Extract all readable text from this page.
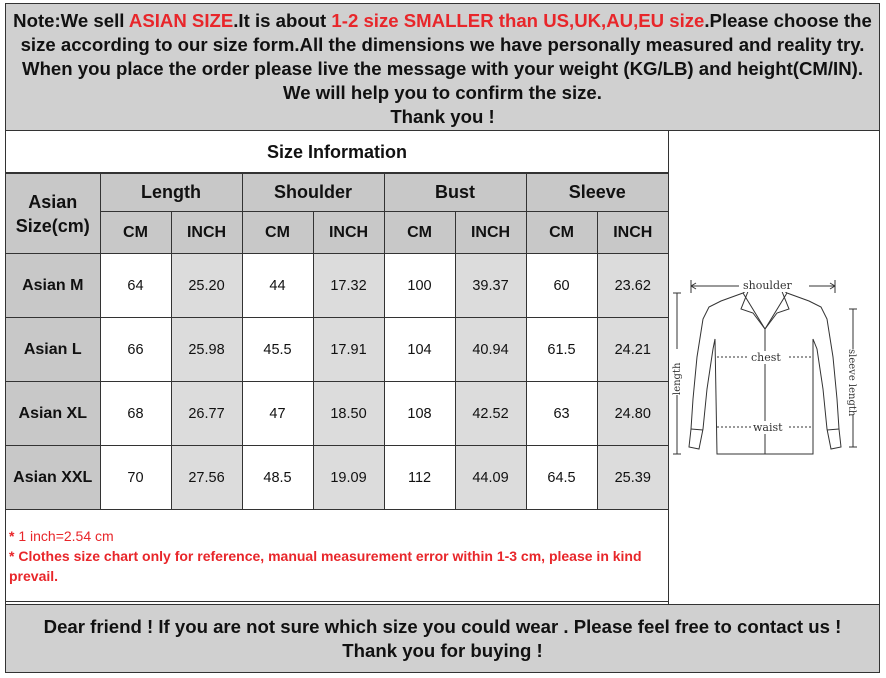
Note:We sell ASIAN SIZE.It is about 1-2 size SMALLER than US,UK,AU,EU size.Please choose the size according to our size form.All the dimensions we have personally measured and reality try. When you place the order please live the message with your weight (KG/LB) and height(CM/IN). We will help you to confirm the size.
Thank you !
Size Information
Asian Size(cm)	Length		Shoulder		Bust		Sleeve	
	CM	INCH	CM	INCH	CM	INCH	CM	INCH
Asian M	64	25.20	44	17.32	100	39.37	60	23.62
Asian L	66	25.98	45.5	17.91	104	40.94	61.5	24.21
Asian XL	68	26.77	47	18.50	108	42.52	63	24.80
Asian XXL	70	27.56	48.5	19.09	112	44.09	64.5	25.39
* 1 inch=2.54 cm
* Clothes size chart only for reference, manual measurement error within 1-3 cm, please in kind prevail.
shoulder
chest
waist
length	sleeve length
Dear friend ! If you are not sure which size you could wear . Please feel free to contact us !
Thank you for buying !
